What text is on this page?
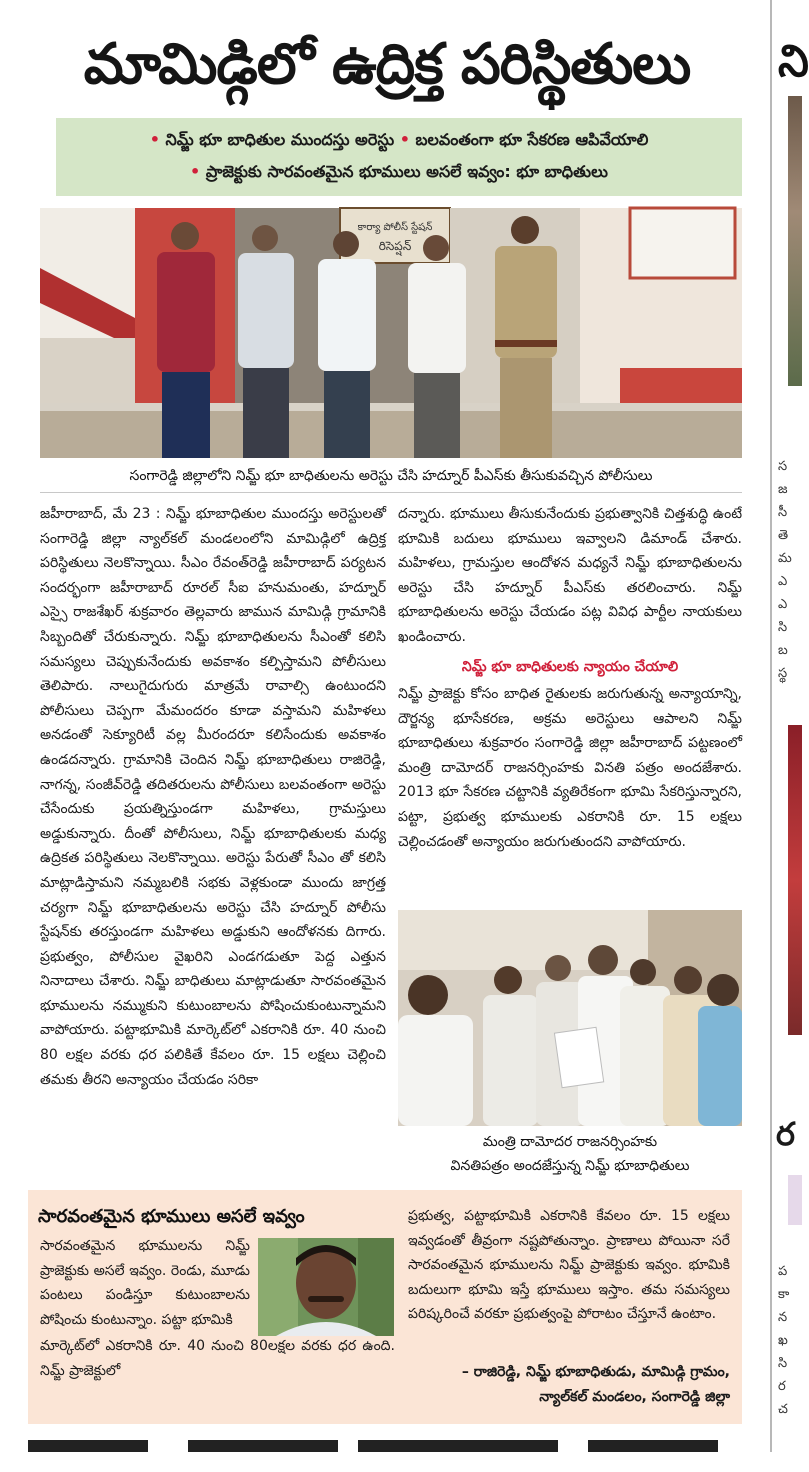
మామిడ్గిలో ఉద్రిక్త పరిస్థితులు
• నిమ్జ్ భూ బాధితుల ముందస్తు అరెస్టు • బలవంతంగా భూ సేకరణ ఆపివేయాలి
• ప్రాజెక్టుకు సారవంతమైన భూములు అసలే ఇవ్వం: భూ బాధితులు
కార్యా పోలీస్ స్టేషన్
రిసెప్షన్
సంగారెడ్డి జిల్లాలోని నిమ్జ్ భూ బాధితులను అరెస్టు చేసి హద్నూర్ పీఎస్‌కు తీసుకువచ్చిన పోలీసులు
జహీరాబాద్, మే 23 : నిమ్జ్ భూబాధితుల ముందస్తు అరెస్టులతో సంగారెడ్డి జిల్లా న్యాల్‌కల్ మండలంలోని మామిడ్గిలో ఉద్రిక్త పరిస్థితులు నెలకొన్నాయి. సీఎం రేవంత్‌రెడ్డి జహీరాబాద్ పర్యటన సందర్భంగా జహీరాబాద్ రూరల్ సీఐ హనుమంతు, హద్నూర్ ఎస్సై రాజశేఖర్ శుక్రవారం తెల్లవారు జామున మామిడ్గి గ్రామానికి సిబ్బందితో చేరుకున్నారు. నిమ్జ్ భూబాధితులను సీఎంతో కలిసి సమస్యలు చెప్పుకునేందుకు అవకాశం కల్పిస్తామని పోలీసులు తెలిపారు. నాలుగైదుగురు మాత్రమే రావాల్సి ఉంటుందని పోలీసులు చెప్పగా మేమందరం కూడా వస్తామని మహిళలు అనడంతో సెక్యూరిటీ వల్ల మీరందరూ కలిసేందుకు అవకాశం ఉండదన్నారు. గ్రామానికి చెందిన నిమ్జ్ భూబాధితులు రాజిరెడ్డి, నాగన్న, సంజీవ్‌రెడ్డి తదితరులను పోలీసులు బలవంతంగా అరెస్టు చేసేందుకు ప్రయత్నిస్తుండగా మహిళలు, గ్రామస్తులు అడ్డుకున్నారు. దీంతో పోలీసులు, నిమ్జ్ భూబాధితులకు మధ్య ఉద్రికత పరిస్థితులు నెలకొన్నాయి. అరెస్టు పేరుతో సీఎం తో కలిసి మాట్లాడిస్తామని నమ్మబలికి సభకు వెళ్లకుండా ముందు జాగ్రత్త చర్యగా నిమ్జ్ భూబాధితులను అరెస్టు చేసి హద్నూర్ పోలీసు స్టేషన్‌కు తరస్తుండగా మహిళలు అడ్డుకుని ఆందోళనకు దిగారు. ప్రభుత్వం, పోలీసుల వైఖరిని ఎండగడుతూ పెద్ద ఎత్తున నినాదాలు చేశారు. నిమ్జ్ బాధితులు మాట్లాడుతూ సారవంతమైన భూములను నమ్ముకుని కుటుంబాలను పోషించుకుంటున్నామని వాపోయారు. పట్టాభూమికి మార్కెట్‌లో ఎకరానికి రూ. 40 నుంచి 80 లక్షల వరకు ధర పలికితే కేవలం రూ. 15 లక్షలు చెల్లించి తమకు తీరని అన్యాయం చేయడం సరికా
దన్నారు. భూములు తీసుకునేందుకు ప్రభుత్వానికి చిత్తశుద్ధి ఉంటే భూమికి బదులు భూములు ఇవ్వాలని డిమాండ్ చేశారు. మహిళలు, గ్రామస్తుల ఆందోళన మధ్యనే నిమ్జ్ భూబాధితులను అరెస్టు చేసి హద్నూర్ పీఎస్‌కు తరలించారు. నిమ్జ్ భూబాధితులను అరెస్టు చేయడం పట్ల వివిధ పార్టీల నాయకులు ఖండించారు.
నిమ్జ్ భూ బాధితులకు న్యాయం చేయాలి
నిమ్జ్ ప్రాజెక్టు కోసం బాధిత రైతులకు జరుగుతున్న అన్యాయాన్ని, దౌర్జన్య భూసేకరణ, అక్రమ అరెస్టులు ఆపాలని నిమ్జ్ భూబాధితులు శుక్రవారం సంగారెడ్డి జిల్లా జహీరాబాద్ పట్టణంలో మంత్రి దామోదర్ రాజనర్సింహకు వినతి పత్రం అందజేశారు. 2013 భూ సేకరణ చట్టానికి వ్యతిరేకంగా భూమి సేకరిస్తున్నారని, పట్టా, ప్రభుత్వ భూములకు ఎకరానికి రూ. 15 లక్షలు చెల్లించడంతో అన్యాయం జరుగుతుందని వాపోయారు.
మంత్రి దామోదర రాజనర్సింహకు
వినతిపత్రం అందజేస్తున్న నిమ్జ్ భూబాధితులు
సారవంతమైన భూములు అసలే ఇవ్వం
సారవంతమైన భూములను నిమ్జ్ ప్రాజెక్టుకు అసలే ఇవ్వం. రెండు, మూడు పంటలు పండిస్తూ కుటుంబాలను పోషించు కుంటున్నాం. పట్టా భూమికి
మార్కెట్‌లో ఎకరానికి రూ. 40 నుంచి 80లక్షల వరకు ధర ఉంది. నిమ్జ్ ప్రాజెక్టులో
ప్రభుత్వ, పట్టాభూమికి ఎకరానికి కేవలం రూ. 15 లక్షలు ఇవ్వడంతో తీవ్రంగా నష్టపోతున్నాం. ప్రాణాలు పోయినా సరే సారవంతమైన భూములను నిమ్జ్ ప్రాజెక్టుకు ఇవ్వం. భూమికి బదులుగా భూమి ఇస్తే భూములు ఇస్తాం. తమ సమస్యలు పరిష్కరించే వరకూ ప్రభుత్వంపై పోరాటం చేస్తూనే ఉంటాం.
– రాజిరెడ్డి, నిమ్జ్ భూబాధితుడు, మామిడ్గి గ్రామం,
న్యాల్‌కల్ మండలం, సంగారెడ్డి జిల్లా
ని
స జ సీ తె మ ఎ ఎ సి బ స్థ
ర
ప కా న ఖ సి ర చ
